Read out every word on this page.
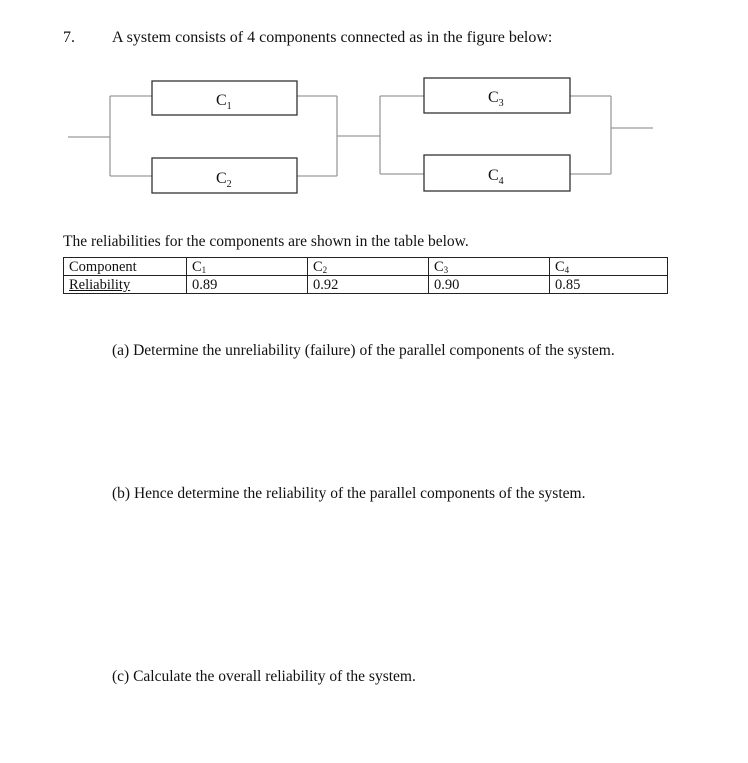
7. A system consists of 4 components connected as in the figure below:
$C_1$
$C_2$
$C_3$
$C_4$
The reliabilities for the components are shown in the table below.
Component	$C_1$	$C_2$	$C_3$	$C_4$
Reliability	0.89	0.92	0.90	0.85
(a) Determine the unreliability (failure) of the parallel components of the system.
(b) Hence determine the reliability of the parallel components of the system.
(c) Calculate the overall reliability of the system.
